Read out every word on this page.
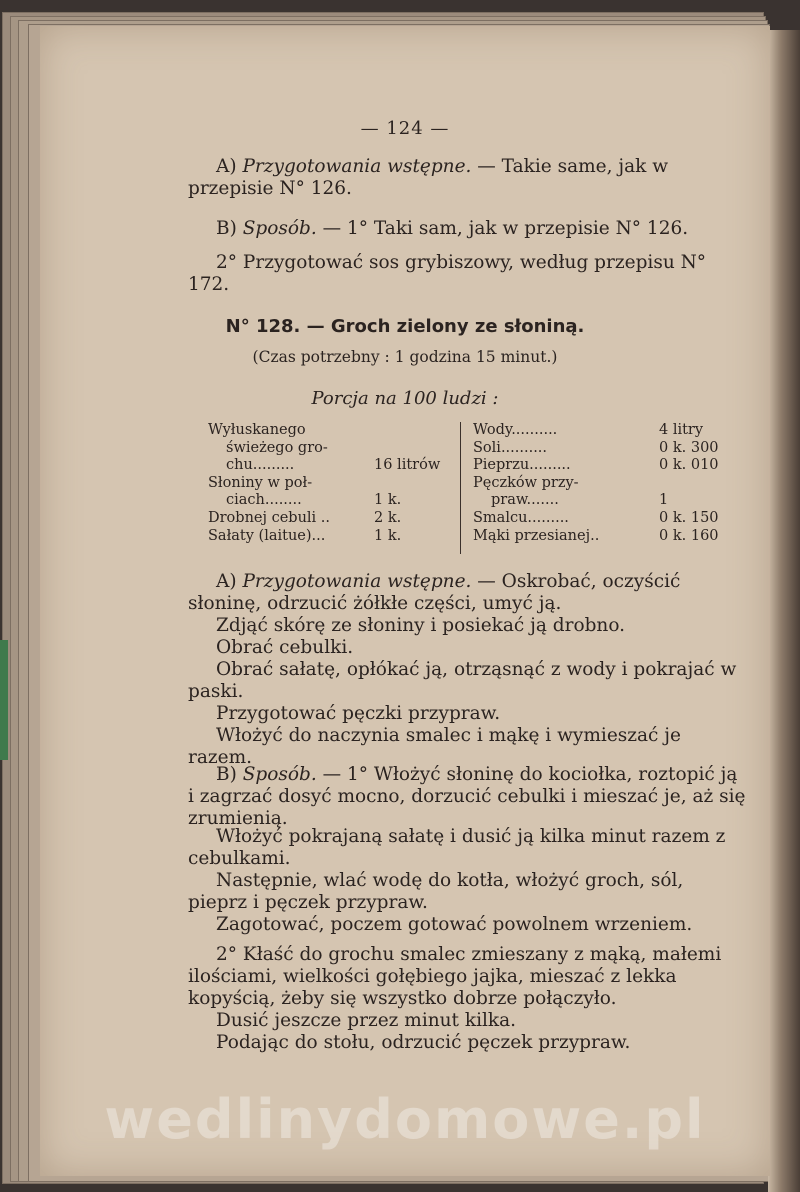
— 124 —

A) Przygotowania wstępne. — Takie same, jak w przepisie N° 126.

B) Sposób. — 1° Taki sam, jak w przepisie N° 126.

2° Przygotować sos grybiszowy, według przepisu N° 172.

N° 128. — Groch zielony ze słoniną.
(Czas potrzebny : 1 godzina 15 minut.)
Porcja na 100 ludzi :
Wyłuskanego
świeżego gro-
chu.........	16 litrów
Słoniny w poł-
ciach........	1 k.
Drobnej cebuli ..	2 k.
Sałaty (laitue)...	1 k.
Wody..........	4 litry
Soli..........	0 k. 300
Pieprzu.........	0 k. 010
Pęczków przy-
praw.......	1
Smalcu.........	0 k. 150
Mąki przesianej..	0 k. 160

A) Przygotowania wstępne. — Oskrobać, oczyścić słoninę, odrzucić żółkłe części, umyć ją.

Zdjąć skórę ze słoniny i posiekać ją drobno.

Obrać cebulki.

Obrać sałatę, opłókać ją, otrząsnąć z wody i pokrajać w paski.

Przygotować pęczki przypraw.

Włożyć do naczynia smalec i mąkę i wymieszać je razem.

B) Sposób. — 1° Włożyć słoninę do kociołka, roztopić ją i zagrzać dosyć mocno, dorzucić cebulki i mieszać je, aż się zrumienią.

Włożyć pokrajaną sałatę i dusić ją kilka minut razem z cebulkami.

Następnie, wlać wodę do kotła, włożyć groch, sól, pieprz i pęczek przypraw.

Zagotować, poczem gotować powolnem wrzeniem.

2° Kłaść do grochu smalec zmieszany z mąką, małemi ilościami, wielkości gołębiego jajka, mieszać z lekka kopyścią, żeby się wszystko dobrze połączyło.

Dusić jeszcze przez minut kilka.

Podając do stołu, odrzucić pęczek przypraw.

wedlinydomowe.pl
